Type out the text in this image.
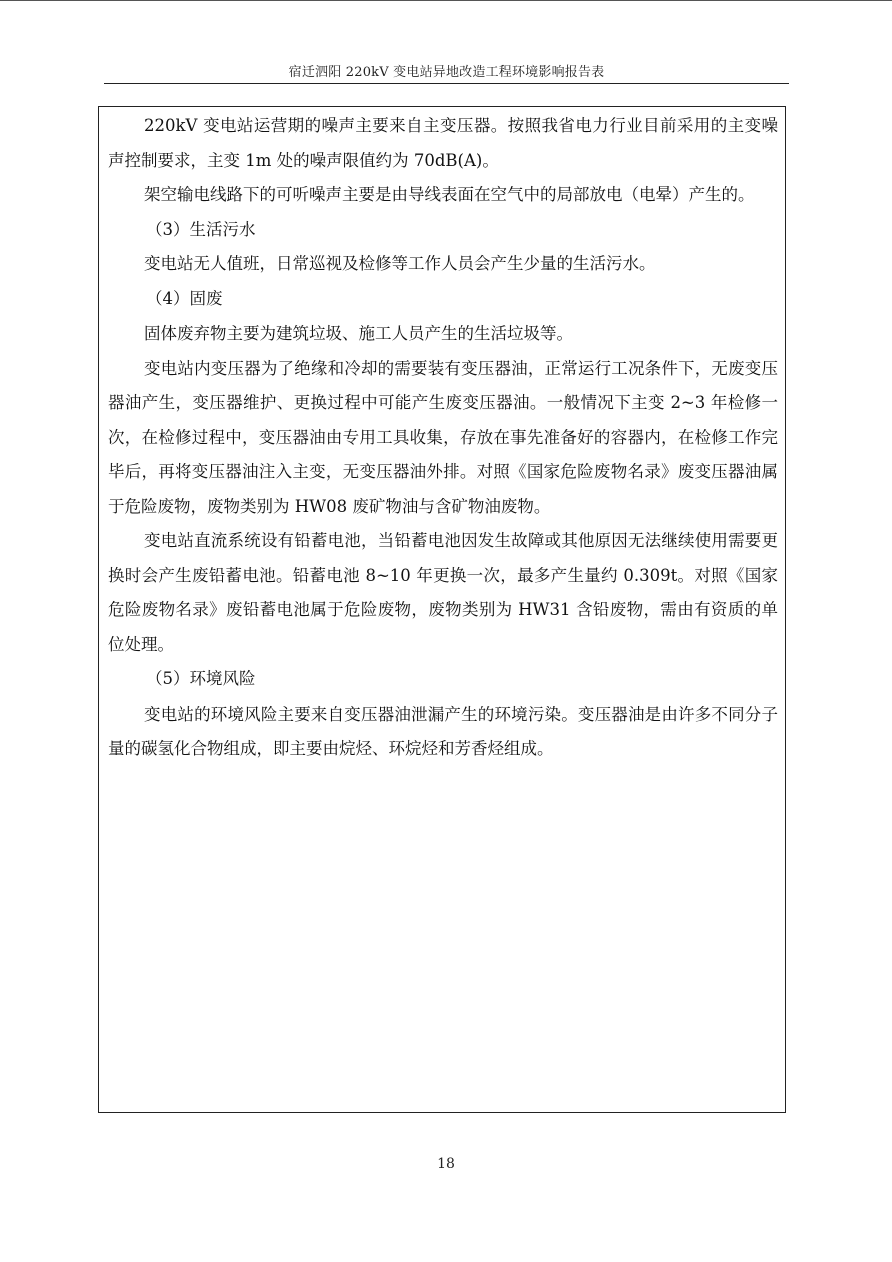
宿迁泗阳 220kV 变电站异地改造工程环境影响报告表

220kV 变电站运营期的噪声主要来自主变压器。按照我省电力行业目前采用的主变噪声控制要求，主变 1m 处的噪声限值约为 70dB(A)。

架空输电线路下的可听噪声主要是由导线表面在空气中的局部放电（电晕）产生的。

（3）生活污水

变电站无人值班，日常巡视及检修等工作人员会产生少量的生活污水。

（4）固废

固体废弃物主要为建筑垃圾、施工人员产生的生活垃圾等。

变电站内变压器为了绝缘和冷却的需要装有变压器油，正常运行工况条件下，无废变压器油产生，变压器维护、更换过程中可能产生废变压器油。一般情况下主变 2~3 年检修一次，在检修过程中，变压器油由专用工具收集，存放在事先准备好的容器内，在检修工作完毕后，再将变压器油注入主变，无变压器油外排。对照《国家危险废物名录》废变压器油属于危险废物，废物类别为 HW08 废矿物油与含矿物油废物。

变电站直流系统设有铅蓄电池，当铅蓄电池因发生故障或其他原因无法继续使用需要更换时会产生废铅蓄电池。铅蓄电池 8~10 年更换一次，最多产生量约 0.309t。对照《国家危险废物名录》废铅蓄电池属于危险废物，废物类别为 HW31 含铅废物，需由有资质的单位处理。

（5）环境风险

变电站的环境风险主要来自变压器油泄漏产生的环境污染。变压器油是由许多不同分子量的碳氢化合物组成，即主要由烷烃、环烷烃和芳香烃组成。

18
